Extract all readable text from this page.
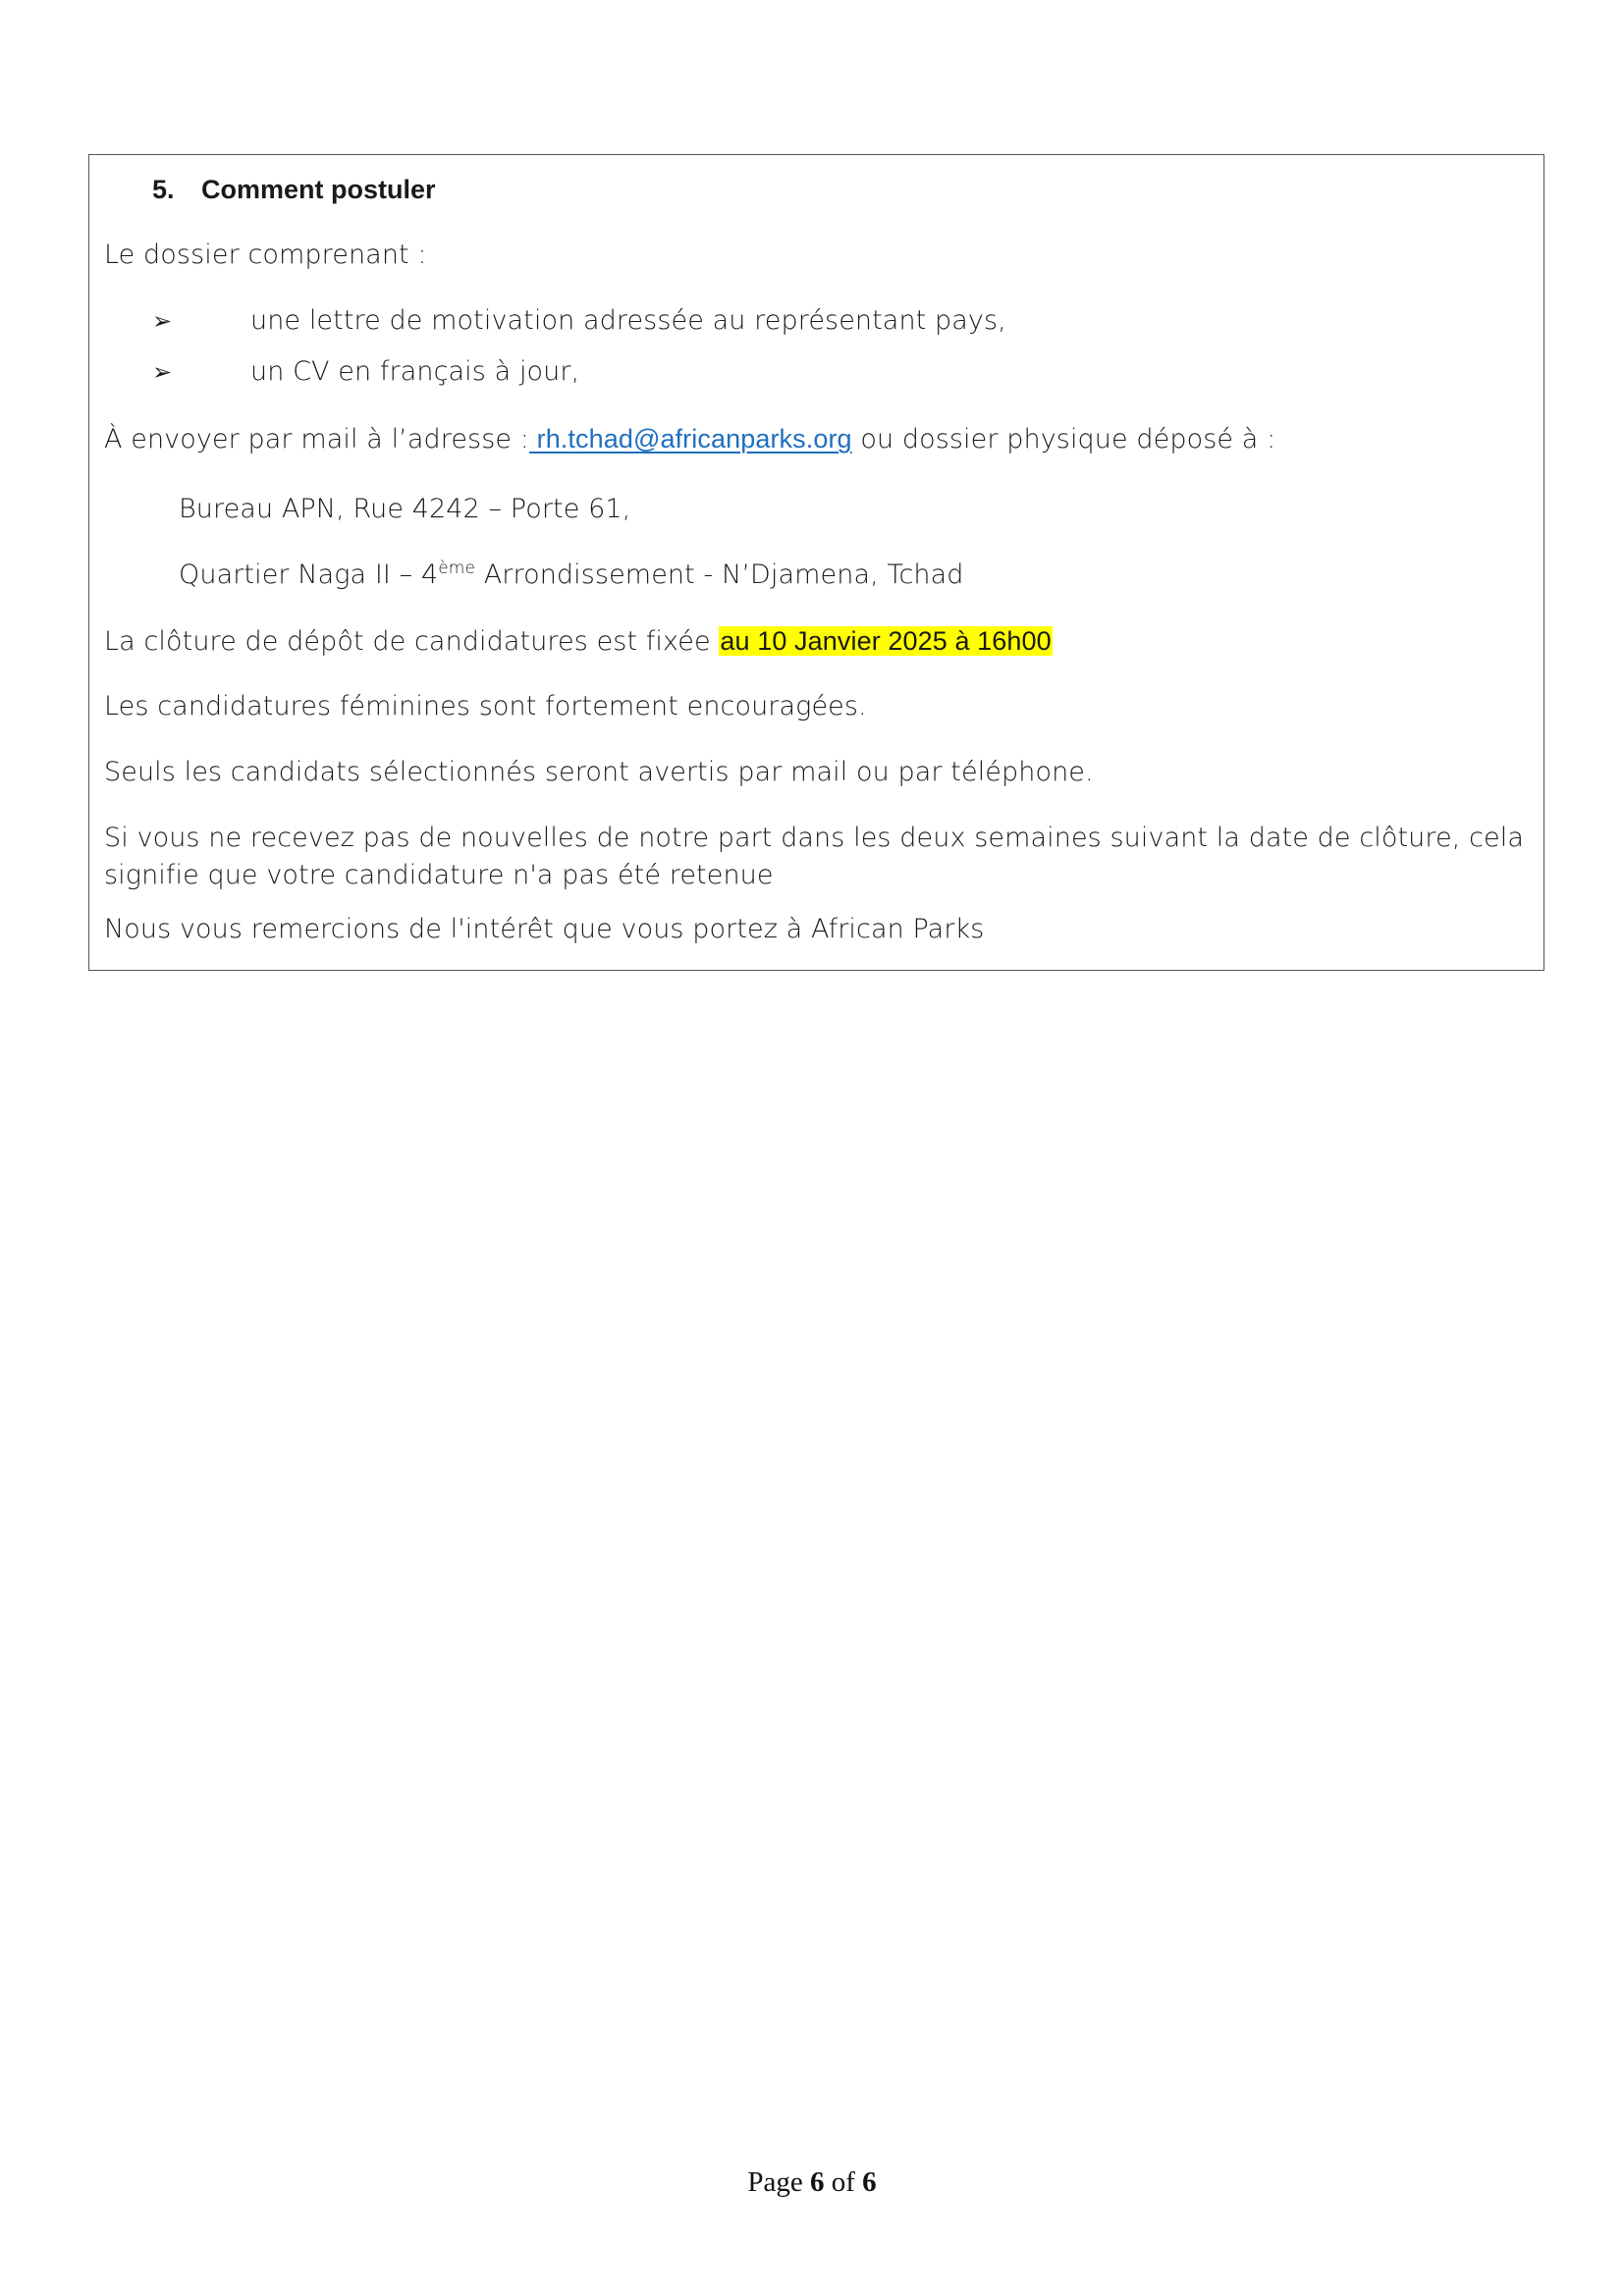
5. Comment postuler
Le dossier comprenant :
➢	une lettre de motivation adressée au représentant pays,
➢	un CV en français à jour,
À envoyer par mail à l’adresse : rh.tchad@africanparks.org ou dossier physique déposé à :
Bureau APN, Rue 4242 – Porte 61,
Quartier Naga II – 4ème Arrondissement - N’Djamena, Tchad
La clôture de dépôt de candidatures est fixée au 10 Janvier 2025 à 16h00
Les candidatures féminines sont fortement encouragées.
Seuls les candidats sélectionnés seront avertis par mail ou par téléphone.
Si vous ne recevez pas de nouvelles de notre part dans les deux semaines suivant la date de clôture, cela
signifie que votre candidature n'a pas été retenue
Nous vous remercions de l'intérêt que vous portez à African Parks
Page 6 of 6
